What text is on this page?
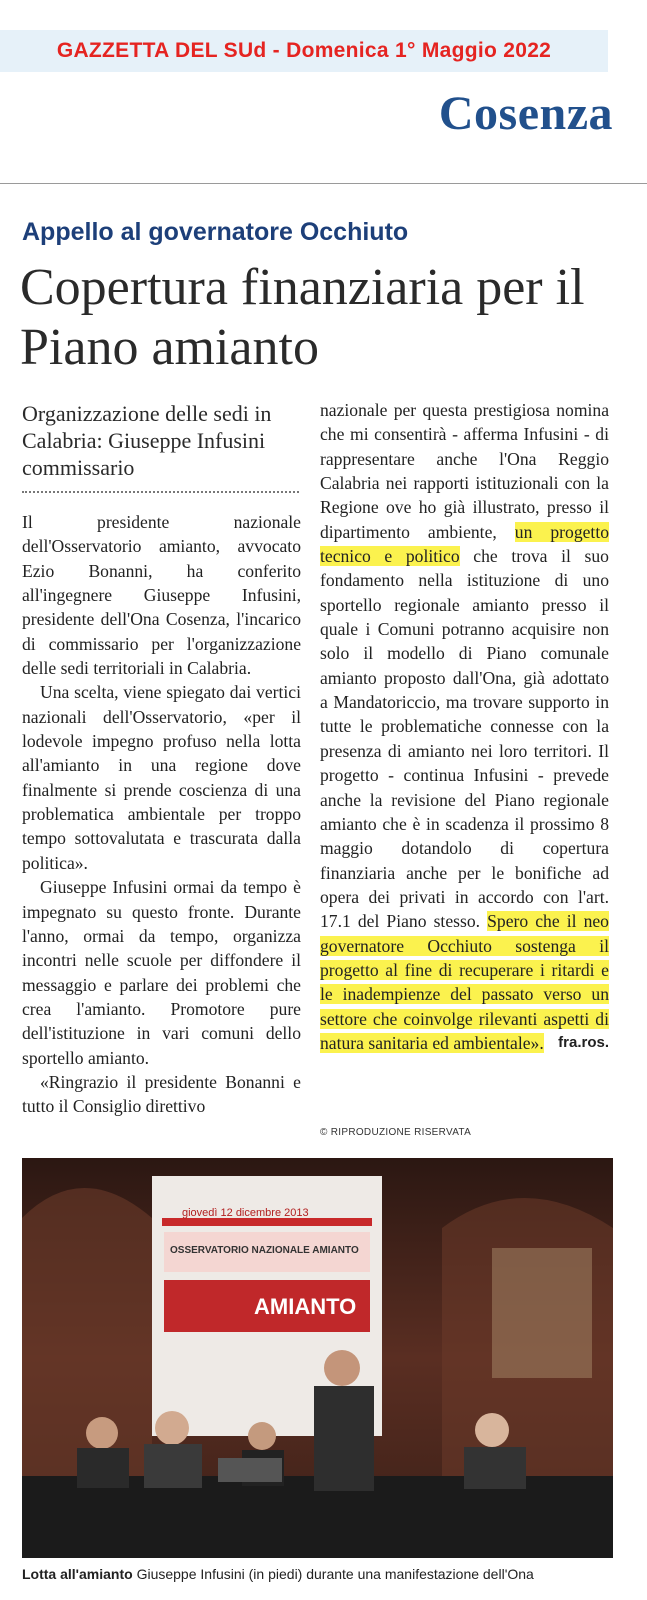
GAZZETTA DEL SUd - Domenica 1° Maggio 2022
Cosenza
Appello al governatore Occhiuto
Copertura finanziaria per il Piano amianto
Organizzazione delle sedi in Calabria: Giuseppe Infusini commissario

Il presidente nazionale dell'Osservatorio amianto, avvocato Ezio Bonanni, ha conferito all'ingegnere Giuseppe Infusini, presidente dell'Ona Cosenza, l'incarico di commissario per l'organizzazione delle sedi territoriali in Calabria.

Una scelta, viene spiegato dai vertici nazionali dell'Osservatorio, «per il lodevole impegno profuso nella lotta all'amianto in una regione dove finalmente si prende coscienza di una problematica ambientale per troppo tempo sottovalutata e trascurata dalla politica».

Giuseppe Infusini ormai da tempo è impegnato su questo fronte. Durante l'anno, ormai da tempo, organizza incontri nelle scuole per diffondere il messaggio e parlare dei problemi che crea l'amianto. Promotore pure dell'istituzione in vari comuni dello sportello amianto.

«Ringrazio il presidente Bonanni e tutto il Consiglio direttivo

nazionale per questa prestigiosa nomina che mi consentirà - afferma Infusini - di rappresentare anche l'Ona Reggio Calabria nei rapporti istituzionali con la Regione ove ho già illustrato, presso il dipartimento ambiente, un progetto tecnico e politico che trova il suo fondamento nella istituzione di uno sportello regionale amianto presso il quale i Comuni potranno acquisire non solo il modello di Piano comunale amianto proposto dall'Ona, già adottato a Mandatoriccio, ma trovare supporto in tutte le problematiche connesse con la presenza di amianto nei loro territori. Il progetto - continua Infusini - prevede anche la revisione del Piano regionale amianto che è in scadenza il prossimo 8 maggio dotandolo di copertura finanziaria anche per le bonifiche ad opera dei privati in accordo con l'art. 17.1 del Piano stesso. Spero che il neo governatore Occhiuto sostenga il progetto al fine di recuperare i ritardi e le inadempienze del passato verso un settore che coinvolge rilevanti aspetti di natura sanitaria ed ambientale». fra.ros.

© RIPRODUZIONE RISERVATA
giovedì 12 dicembre 2013
OSSERVATORIO NAZIONALE AMIANTO
AMIANTO
Lotta all'amianto Giuseppe Infusini (in piedi) durante una manifestazione dell'Ona
